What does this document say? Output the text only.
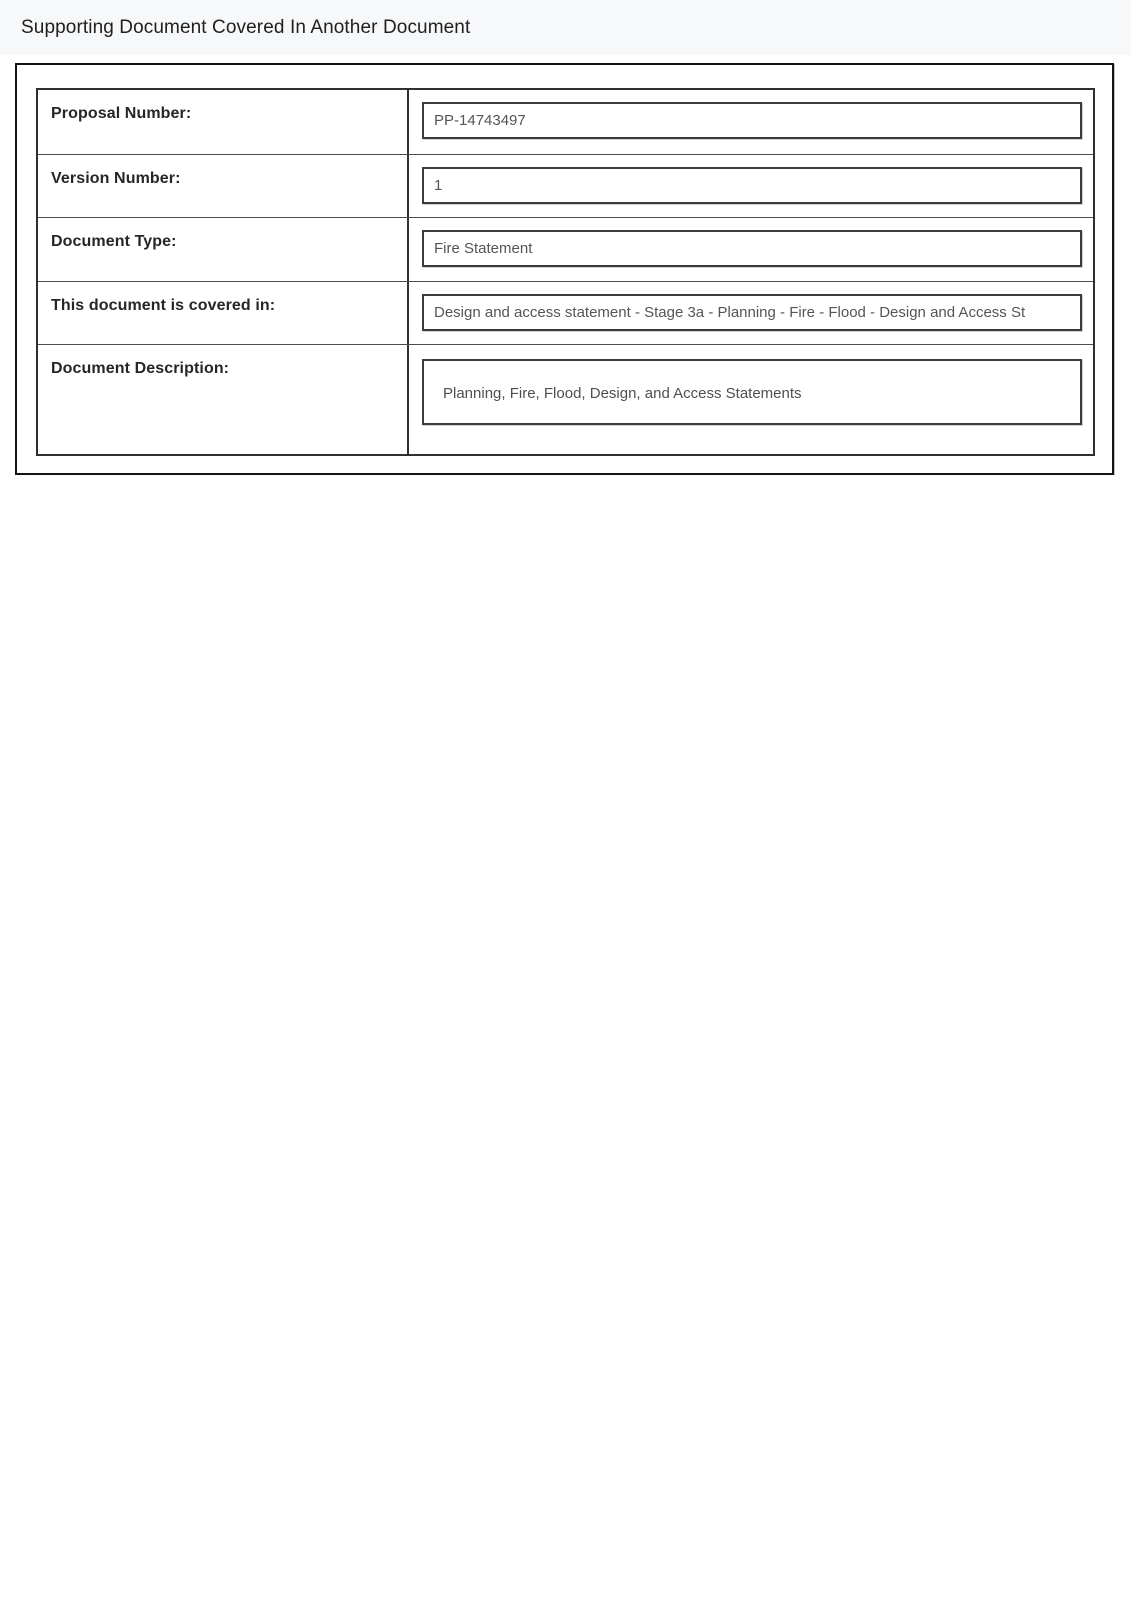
Supporting Document Covered In Another Document
Proposal Number:	PP-14743497
Version Number:	1
Document Type:	Fire Statement
This document is covered in:	Design and access statement - Stage 3a - Planning - Fire - Flood - Design and Access St
Document Description:
Planning, Fire, Flood, Design, and Access Statements
